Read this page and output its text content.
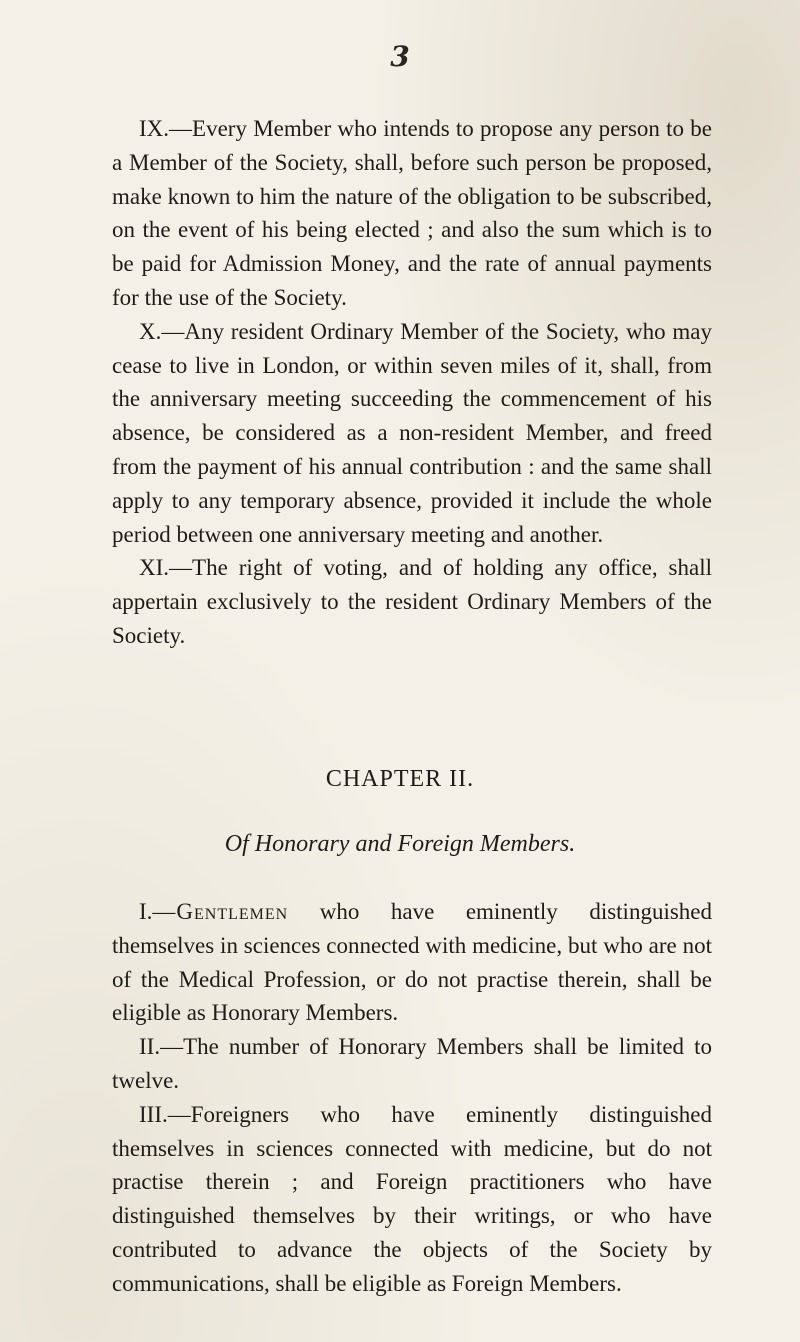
3

IX.—Every Member who intends to propose any person to be a Member of the Society, shall, before such person be proposed, make known to him the nature of the obligation to be subscribed, on the event of his being elected ; and also the sum which is to be paid for Admission Money, and the rate of annual payments for the use of the Society.

X.—Any resident Ordinary Member of the Society, who may cease to live in London, or within seven miles of it, shall, from the anniversary meeting succeeding the commencement of his absence, be considered as a non-resident Member, and freed from the payment of his annual contribution : and the same shall apply to any temporary absence, provided it include the whole period between one anniversary meeting and another.

XI.—The right of voting, and of holding any office, shall appertain exclusively to the resident Ordinary Members of the Society.

CHAPTER II.
Of Honorary and Foreign Members.

I.—Gentlemen who have eminently distinguished themselves in sciences connected with medicine, but who are not of the Medical Profession, or do not practise therein, shall be eligible as Honorary Members.

II.—The number of Honorary Members shall be limited to twelve.

III.—Foreigners who have eminently distinguished themselves in sciences connected with medicine, but do not practise therein ; and Foreign practitioners who have distinguished themselves by their writings, or who have contributed to advance the objects of the Society by communications, shall be eligible as Foreign Members.
